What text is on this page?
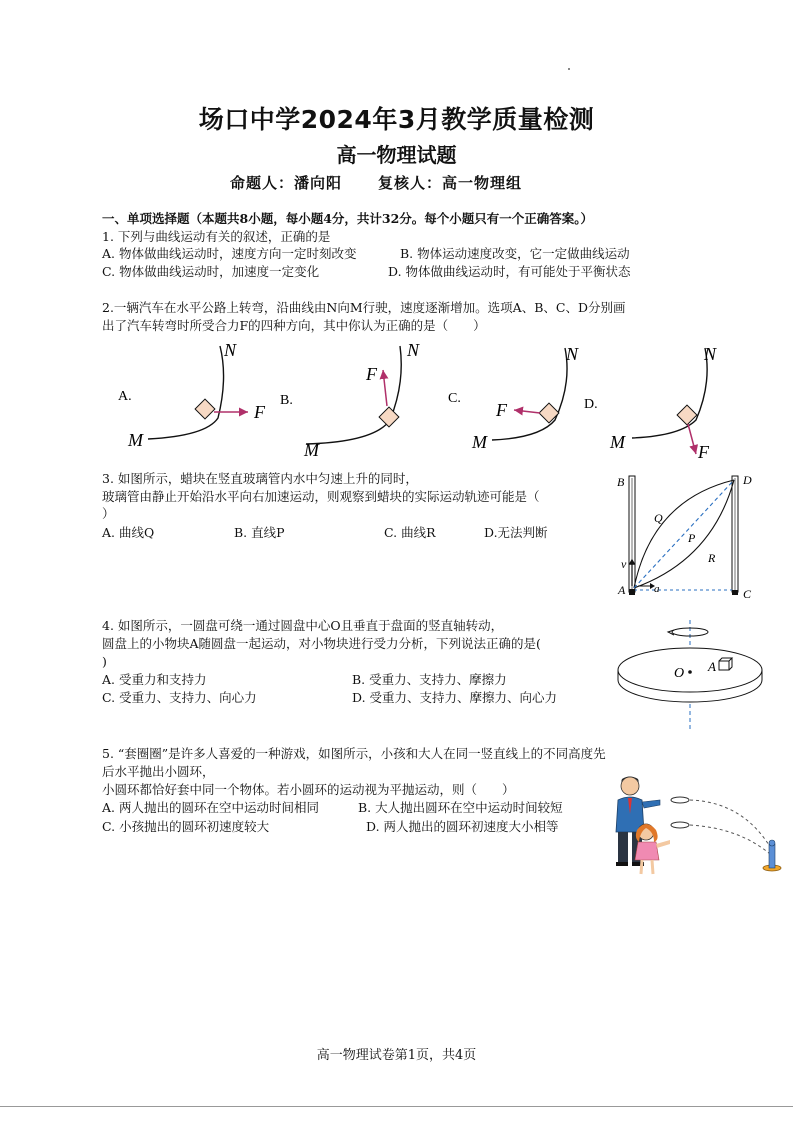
场口中学2024年3月教学质量检测
高一物理试题
命题人：潘向阳 复核人：高一物理组
一、单项选择题（本题共8小题，每小题4分，共计32分。每个小题只有一个正确答案。）
1. 下列与曲线运动有关的叙述，正确的是
A. 物体做曲线运动时，速度方向一定时刻改变	B. 物体运动速度改变，它一定做曲线运动
C. 物体做曲线运动时，加速度一定变化	D. 物体做曲线运动时，有可能处于平衡状态
2.一辆汽车在水平公路上转弯，沿曲线由N向M行驶，速度逐渐增加。选项A、B、C、D分别画
出了汽车转弯时所受合力F的四种方向，其中你认为正确的是（　　）
A.
N
M
F
B.
N
M
F
C.
N
M
F	D.
N
M	F
3. 如图所示，蜡块在竖直玻璃管内水中匀速上升的同时，
玻璃管由静止开始沿水平向右加速运动，则观察到蜡块的实际运动轨迹可能是（
）
A. 曲线Q	B. 直线P	C. 曲线R	D.无法判断
B	D
Q
P
R
v
A	a	C
4. 如图所示，一圆盘可绕一通过圆盘中心O且垂直于盘面的竖直轴转动，
圆盘上的小物块A随圆盘一起运动，对小物块进行受力分析，下列说法正确的是(
)
A. 受重力和支持力	B. 受重力、支持力、摩擦力
C. 受重力、支持力、向心力	D. 受重力、支持力、摩擦力、向心力
O A
5. “套圈圈”是许多人喜爱的一种游戏，如图所示，小孩和大人在同一竖直线上的不同高度先
后水平抛出小圆环，
小圆环都恰好套中同一个物体。若小圆环的运动视为平抛运动，则（　　）
A. 两人抛出的圆环在空中运动时间相同	B. 大人抛出圆环在空中运动时间较短
C. 小孩抛出的圆环初速度较大	D. 两人抛出的圆环初速度大小相等
高一物理试卷第1页，共4页
